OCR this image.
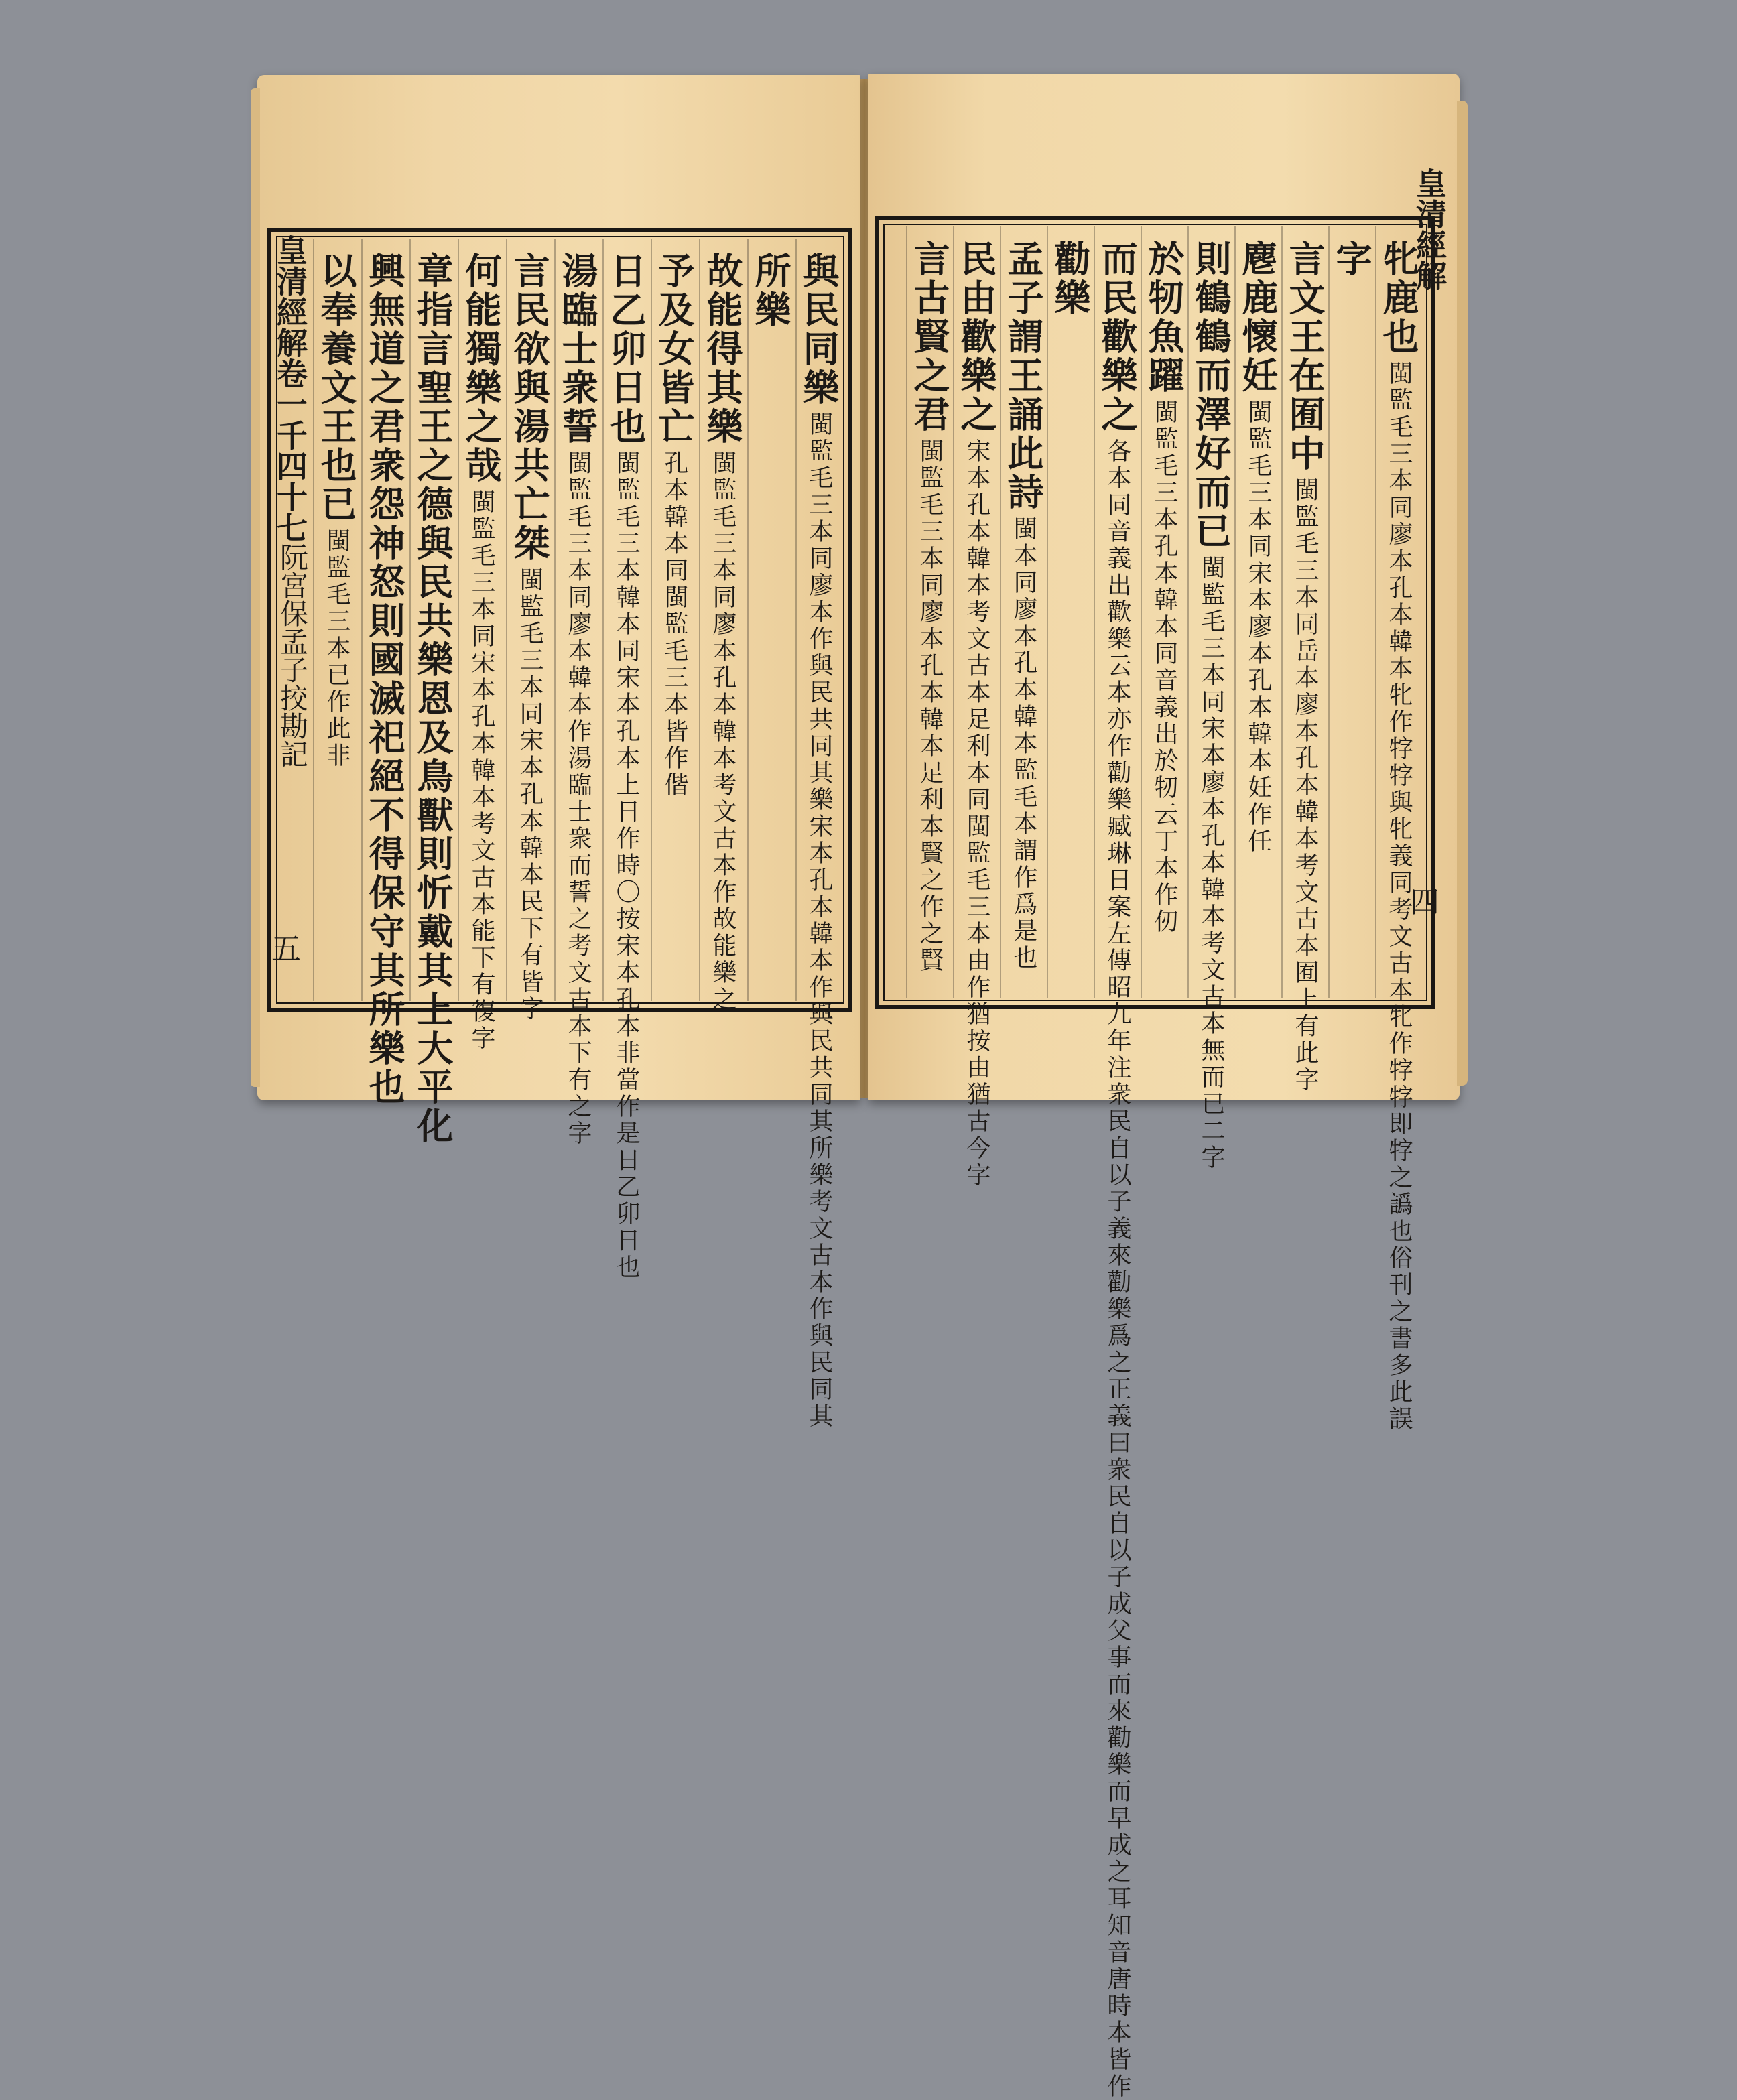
皇清經解卷一千四十七
阮宮保孟子挍勘記
五
與民同樂閩監毛三本同廖本作與民共同其樂宋本孔本韓本作與民共同其所樂考文古本作與民同其
所樂
故能得其樂閩監毛三本同廖本孔本韓本考文古本作故能樂之
予及女皆亡孔本韓本同閩監毛三本皆作偕
日乙卯日也閩監毛三本韓本同宋本孔本上日作時〇按宋本孔本非當作是日乙卯日也
湯臨士衆誓閩監毛三本同廖本韓本作湯臨士衆而誓之考文古本下有之字
言民欲與湯共亡桀閩監毛三本同宋本孔本韓本民下有皆字
何能獨樂之哉閩監毛三本同宋本孔本韓本考文古本能下有復字
章指言聖王之德與民共樂恩及鳥獸則忻戴其上大平化
興無道之君衆怨神怒則國滅祀絕不得保守其所樂也
以奉養文王也已閩監毛三本已作此非
皇清經解
四
牝鹿也閩監毛三本同廖本孔本韓本牝作牸牸與牝義同考文古本牝作牸牸即牸之譌也俗刊之書多此誤
字
言文王在囿中閩監毛三本同岳本廖本孔本韓本考文古本囿上有此字
麀鹿懷妊閩監毛三本同宋本廖本孔本韓本妊作任
則鶴鶴而澤好而已閩監毛三本同宋本廖本孔本韓本考文古本無而已二字
於牣魚躍閩監毛三本孔本韓本同音義出於牣云丁本作仞
而民歡樂之各本同音義出歡樂云本亦作勸樂臧琳日案左傳昭九年注衆民自以子義來勸樂爲之正義曰衆民自以子成父事而來勸樂而早成之耳知音唐時本皆作
勸樂
孟子謂王誦此詩閩本同廖本孔本韓本監毛本謂作爲是也
民由歡樂之宋本孔本韓本考文古本足利本同閩監毛三本由作猶按由猶古今字
言古賢之君閩監毛三本同廖本孔本韓本足利本賢之作之賢
